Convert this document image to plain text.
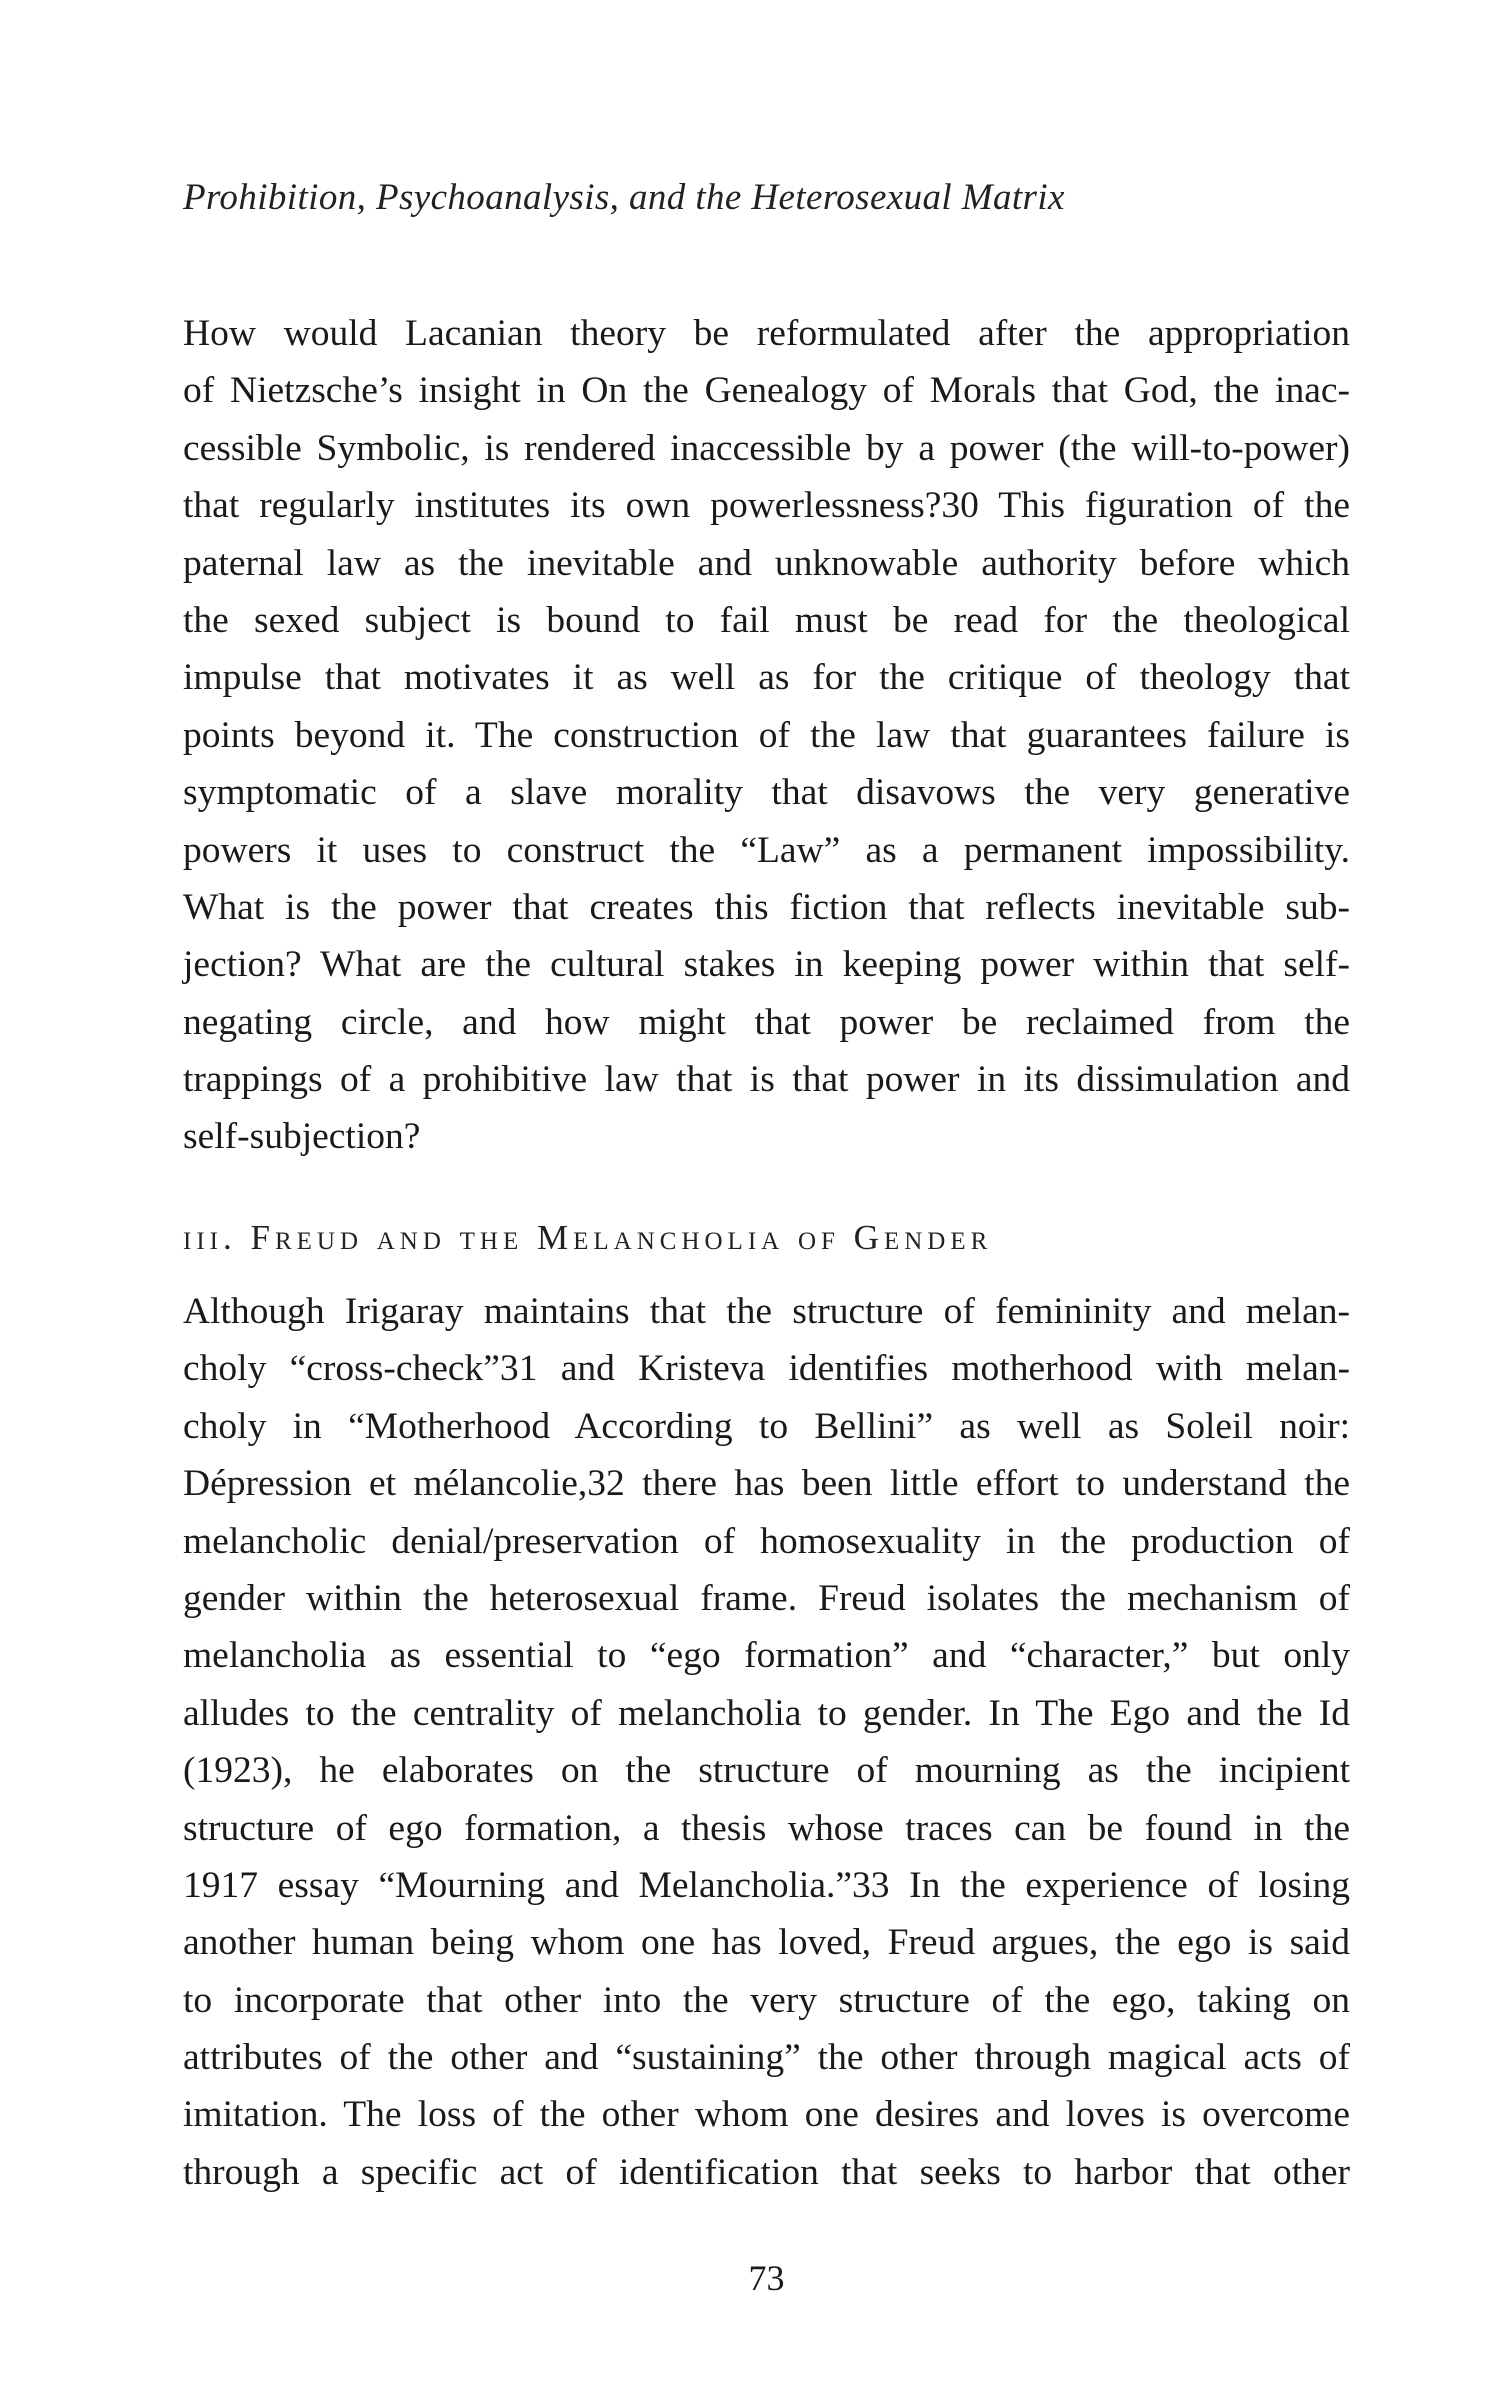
Prohibition, Psychoanalysis, and the Heterosexual Matrix
How would Lacanian theory be reformulated after the appropriation
of Nietzsche’s insight in On the Genealogy of Morals that God, the inac-
cessible Symbolic, is rendered inaccessible by a power (the will-to-power)
that regularly institutes its own powerlessness?30 This figuration of the
paternal law as the inevitable and unknowable authority before which
the sexed subject is bound to fail must be read for the theological
impulse that motivates it as well as for the critique of theology that
points beyond it. The construction of the law that guarantees failure is
symptomatic of a slave morality that disavows the very generative
powers it uses to construct the “Law” as a permanent impossibility.
What is the power that creates this fiction that reflects inevitable sub-
jection? What are the cultural stakes in keeping power within that self-
negating circle, and how might that power be reclaimed from the
trappings of a prohibitive law that is that power in its dissimulation and
self-subjection?
iii. Freud and the Melancholia of Gender
Although Irigaray maintains that the structure of femininity and melan-
choly “cross-check”31 and Kristeva identifies motherhood with melan-
choly in “Motherhood According to Bellini” as well as Soleil noir:
Dépression et mélancolie,32 there has been little effort to understand the
melancholic denial/preservation of homosexuality in the production of
gender within the heterosexual frame. Freud isolates the mechanism of
melancholia as essential to “ego formation” and “character,” but only
alludes to the centrality of melancholia to gender. In The Ego and the Id
(1923), he elaborates on the structure of mourning as the incipient
structure of ego formation, a thesis whose traces can be found in the
1917 essay “Mourning and Melancholia.”33 In the experience of losing
another human being whom one has loved, Freud argues, the ego is said
to incorporate that other into the very structure of the ego, taking on
attributes of the other and “sustaining” the other through magical acts of
imitation. The loss of the other whom one desires and loves is overcome
through a specific act of identification that seeks to harbor that other
73
